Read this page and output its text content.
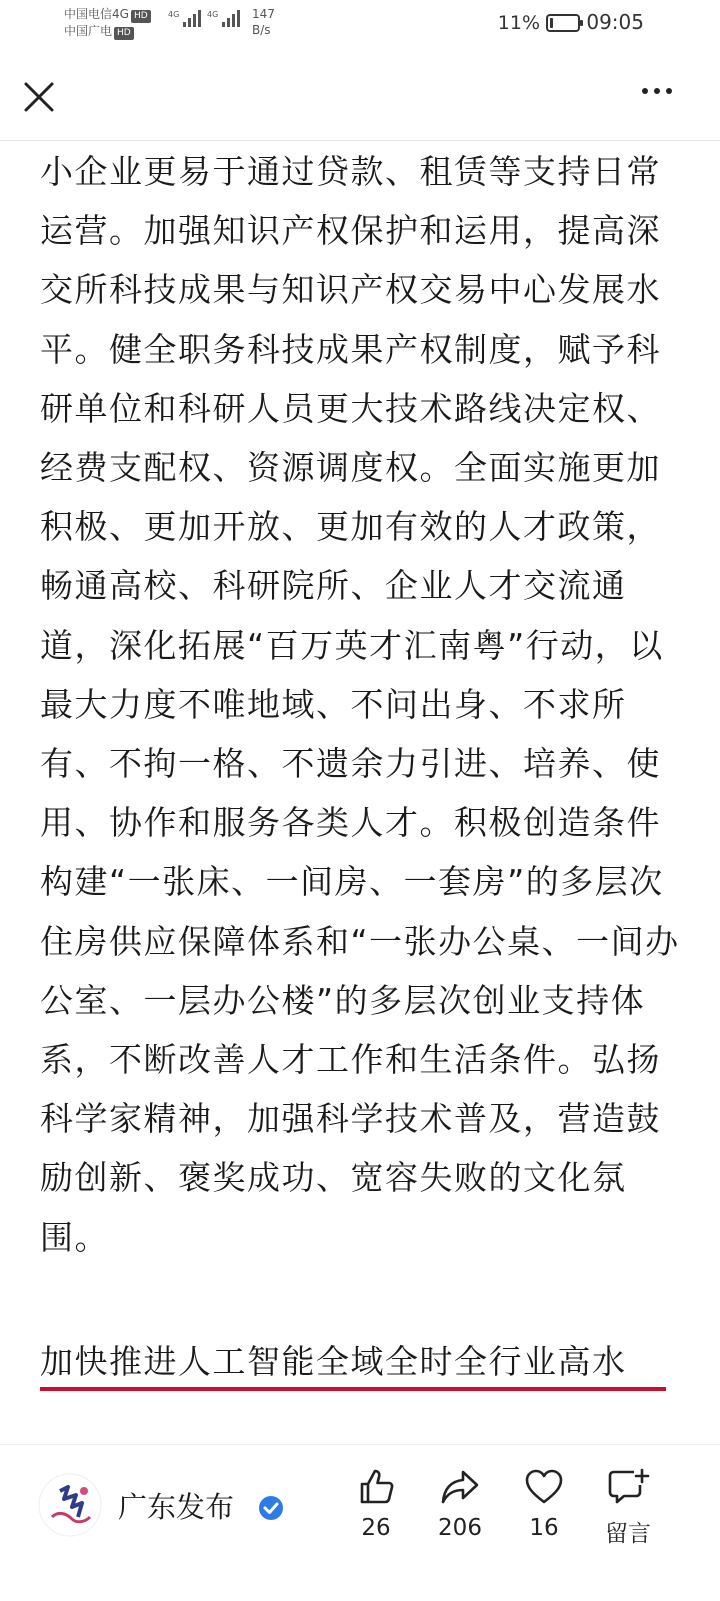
中国电信4G HD
中国广电 HD
4G	4G	147
B/s	11% 09:05

小企业更易于通过贷款、租赁等支持日常运营。加强知识产权保护和运用，提高深交所科技成果与知识产权交易中心发展水平。健全职务科技成果产权制度，赋予科研单位和科研人员更大技术路线决定权、经费支配权、资源调度权。全面实施更加积极、更加开放、更加有效的人才政策，畅通高校、科研院所、企业人才交流通道，深化拓展“百万英才汇南粤”行动，以最大力度不唯地域、不问出身、不求所有、不拘一格、不遗余力引进、培养、使用、协作和服务各类人才。积极创造条件构建“一张床、一间房、一套房”的多层次住房供应保障体系和“一张办公桌、一间办公室、一层办公楼”的多层次创业支持体系，不断改善人才工作和生活条件。弘扬科学家精神，加强科学技术普及，营造鼓励创新、褒奖成功、宽容失败的文化氛围。

加快推进人工智能全域全时全行业高水
广东发布
26	206	16	留言
